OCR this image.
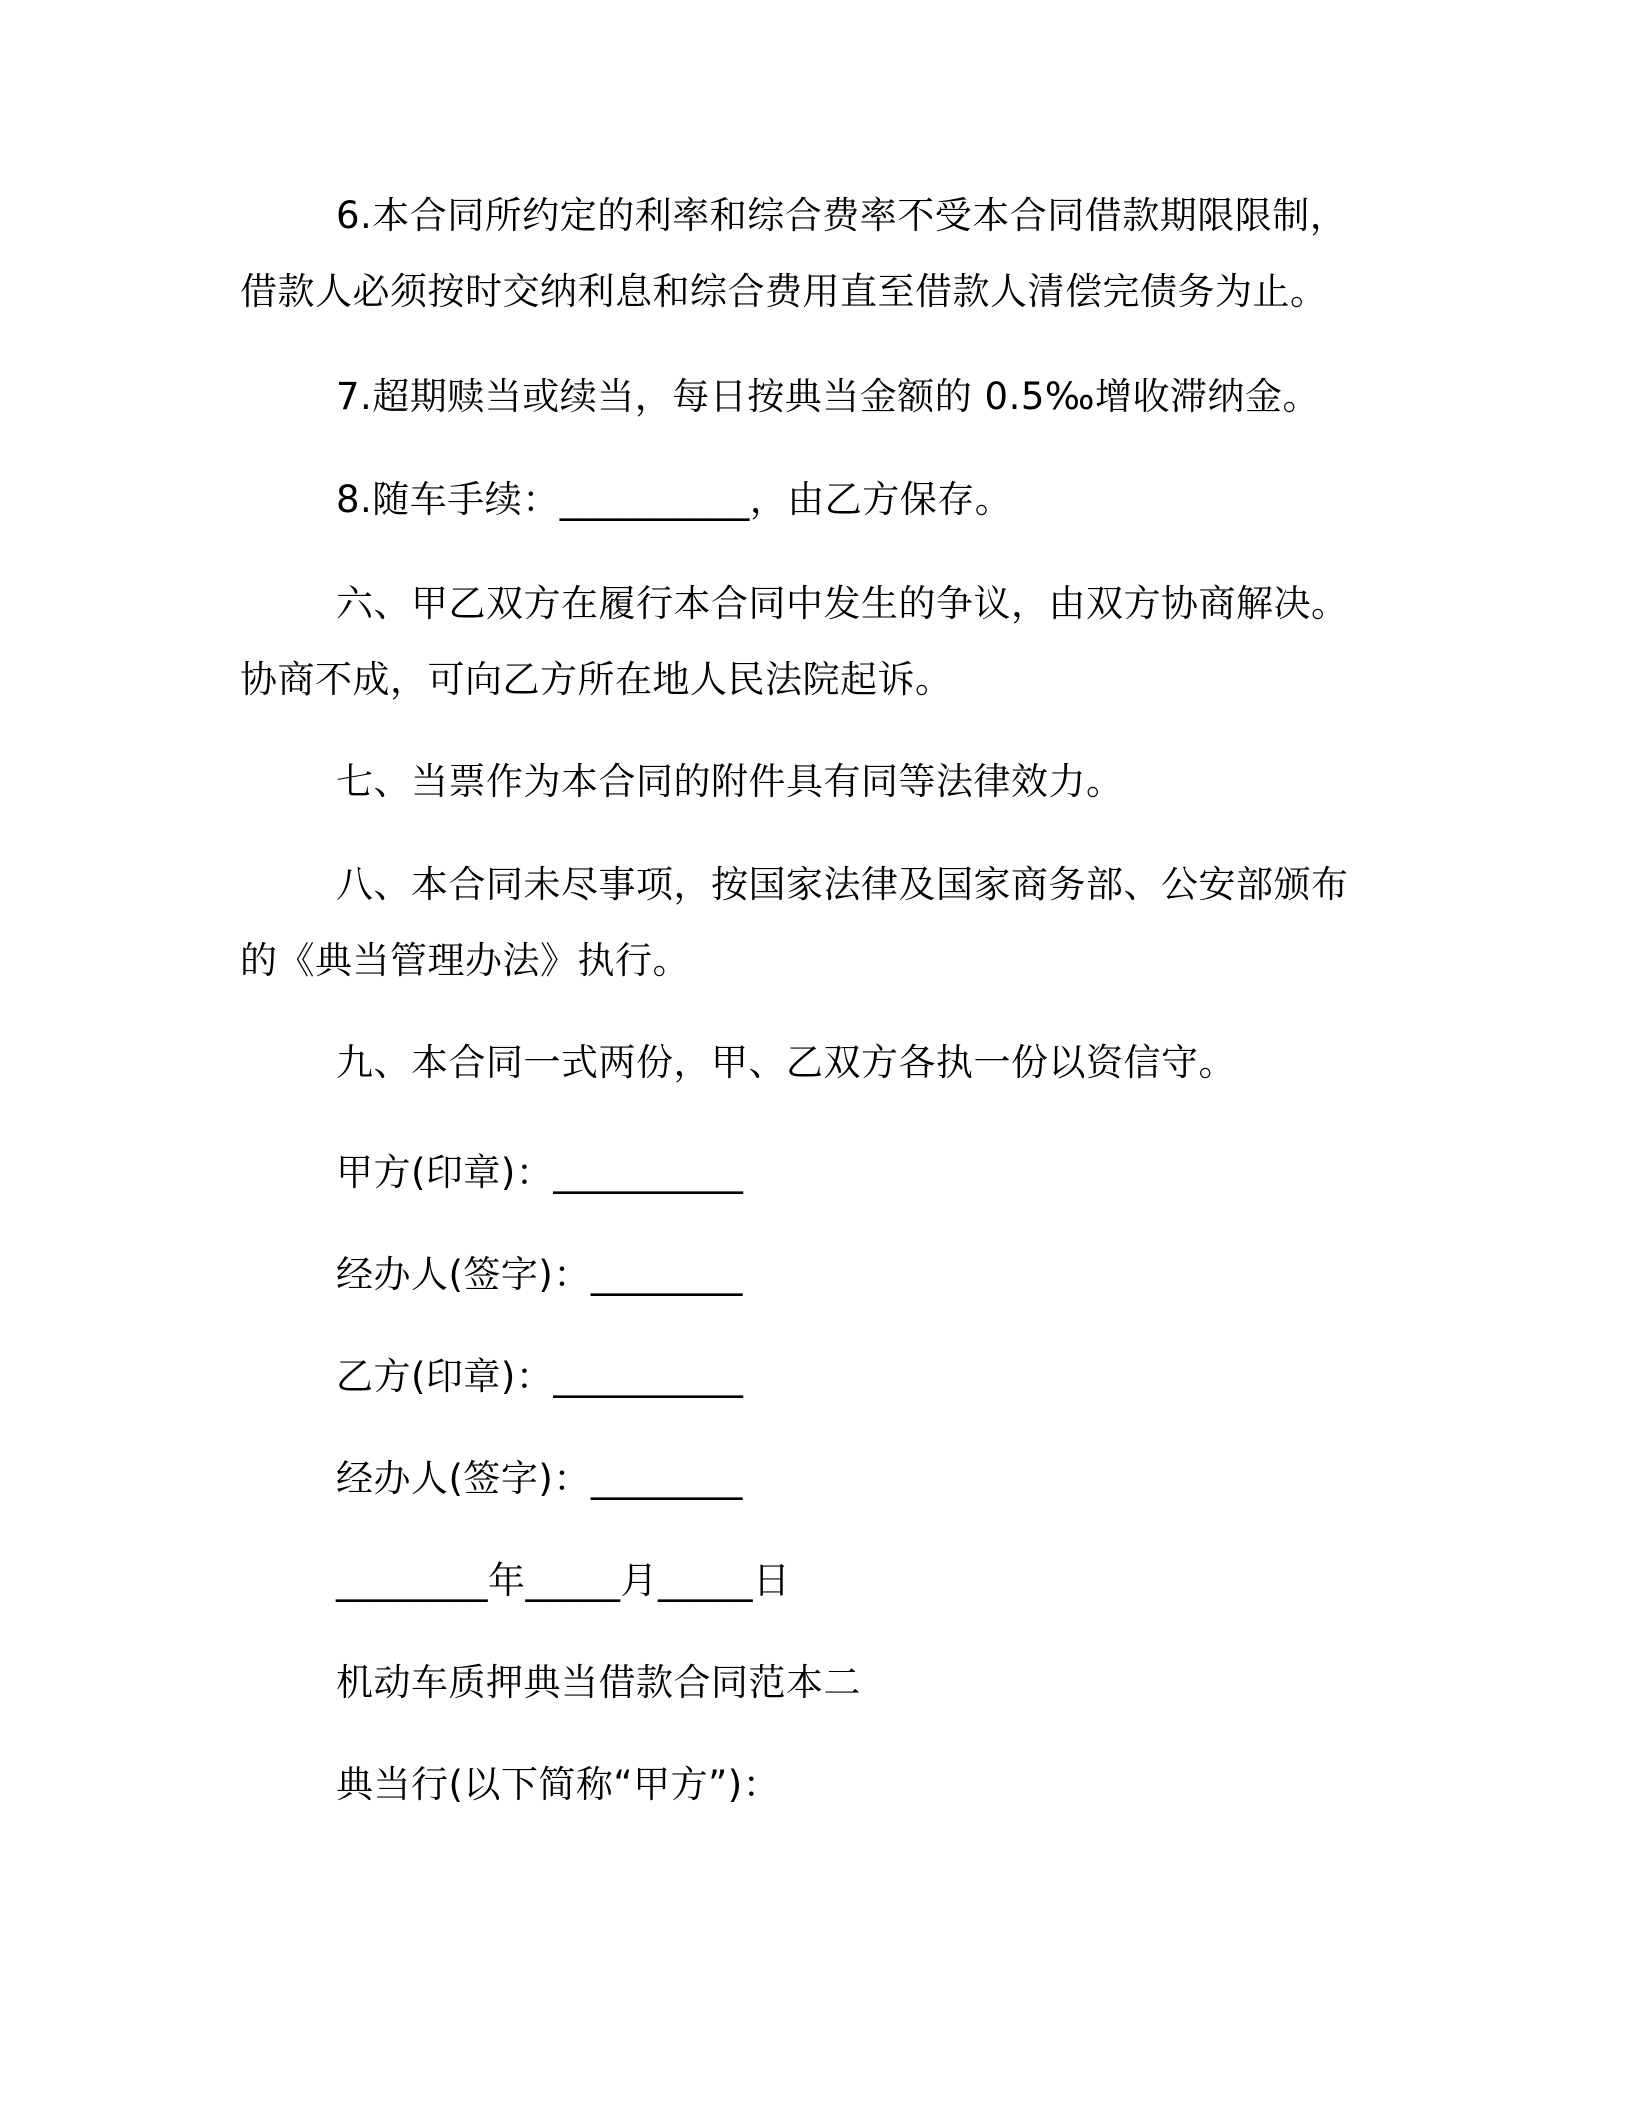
6.本合同所约定的利率和综合费率不受本合同借款期限限制，借款人必须按时交纳利息和综合费用直至借款人清偿完债务为止。

7.超期赎当或续当，每日按典当金额的 0.5‰增收滞纳金。

8.随车手续：__________，由乙方保存。

六、甲乙双方在履行本合同中发生的争议，由双方协商解决。协商不成，可向乙方所在地人民法院起诉。

七、当票作为本合同的附件具有同等法律效力。

八、本合同未尽事项，按国家法律及国家商务部、公安部颁布的《典当管理办法》执行。

九、本合同一式两份，甲、乙双方各执一份以资信守。

甲方(印章)：__________

经办人(签字)：________

乙方(印章)：__________

经办人(签字)：________

________年_____月_____日

机动车质押典当借款合同范本二

典当行(以下简称“甲方”)：
